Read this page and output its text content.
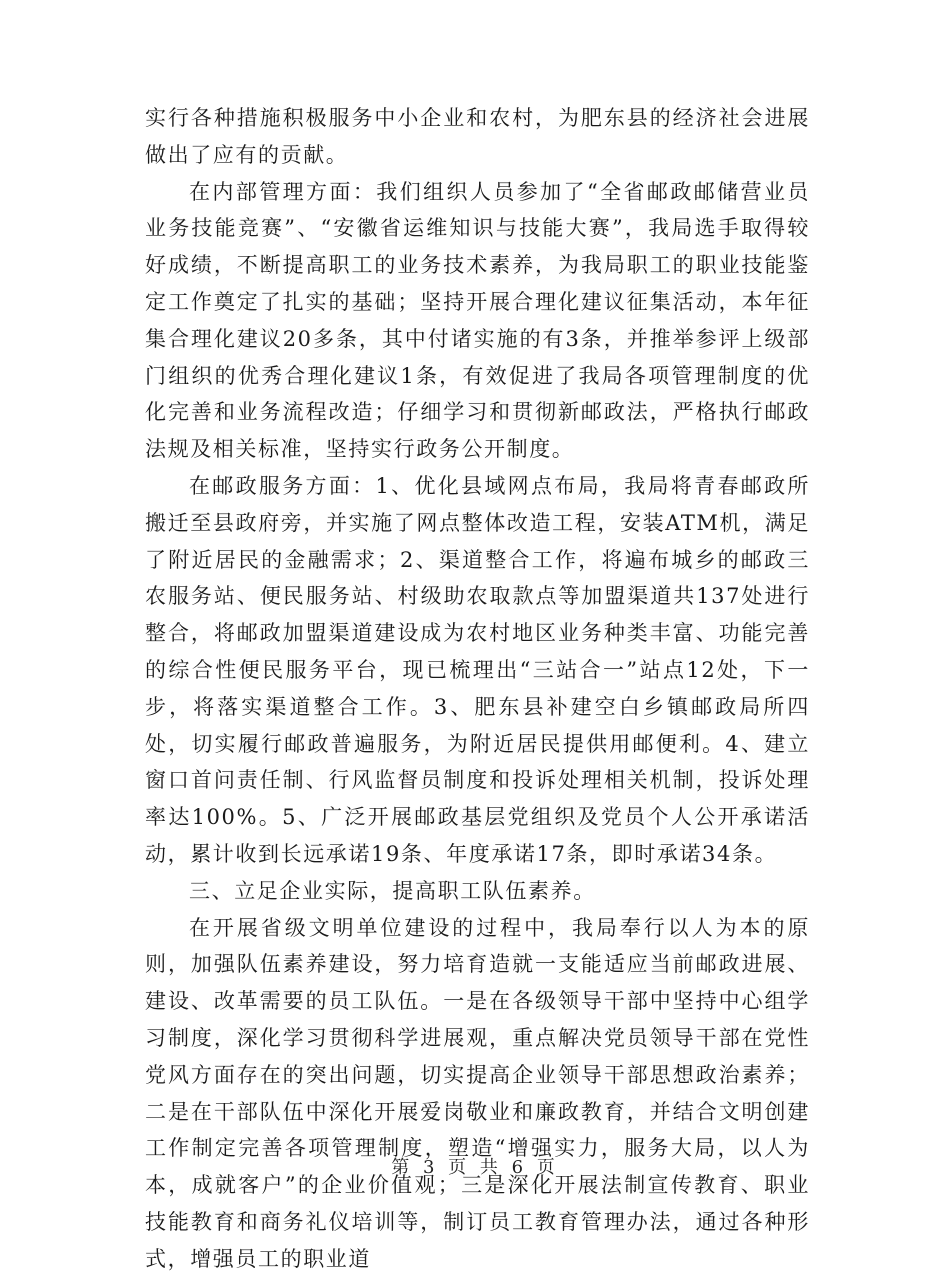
实行各种措施积极服务中小企业和农村，为肥东县的经济社会进展做出了应有的贡献。

在内部管理方面：我们组织人员参加了“全省邮政邮储营业员业务技能竞赛”、“安徽省运维知识与技能大赛”，我局选手取得较好成绩，不断提高职工的业务技术素养，为我局职工的职业技能鉴定工作奠定了扎实的基础；坚持开展合理化建议征集活动，本年征集合理化建议20多条，其中付诸实施的有3条，并推举参评上级部门组织的优秀合理化建议1条，有效促进了我局各项管理制度的优化完善和业务流程改造；仔细学习和贯彻新邮政法，严格执行邮政法规及相关标准，坚持实行政务公开制度。

在邮政服务方面：1、优化县域网点布局，我局将青春邮政所搬迁至县政府旁，并实施了网点整体改造工程，安装ATM机，满足了附近居民的金融需求；2、渠道整合工作，将遍布城乡的邮政三农服务站、便民服务站、村级助农取款点等加盟渠道共137处进行整合，将邮政加盟渠道建设成为农村地区业务种类丰富、功能完善的综合性便民服务平台，现已梳理出“三站合一”站点12处，下一步，将落实渠道整合工作。3、肥东县补建空白乡镇邮政局所四处，切实履行邮政普遍服务，为附近居民提供用邮便利。4、建立窗口首问责任制、行风监督员制度和投诉处理相关机制，投诉处理率达100%。5、广泛开展邮政基层党组织及党员个人公开承诺活动，累计收到长远承诺19条、年度承诺17条，即时承诺34条。

三、立足企业实际，提高职工队伍素养。

在开展省级文明单位建设的过程中，我局奉行以人为本的原则，加强队伍素养建设，努力培育造就一支能适应当前邮政进展、建设、改革需要的员工队伍。一是在各级领导干部中坚持中心组学习制度，深化学习贯彻科学进展观，重点解决党员领导干部在党性党风方面存在的突出问题，切实提高企业领导干部思想政治素养；二是在干部队伍中深化开展爱岗敬业和廉政教育，并结合文明创建工作制定完善各项管理制度，塑造“增强实力，服务大局，以人为本，成就客户”的企业价值观；三是深化开展法制宣传教育、职业技能教育和商务礼仪培训等，制订员工教育管理办法，通过各种形式，增强员工的职业道

第 3 页 共 6 页
